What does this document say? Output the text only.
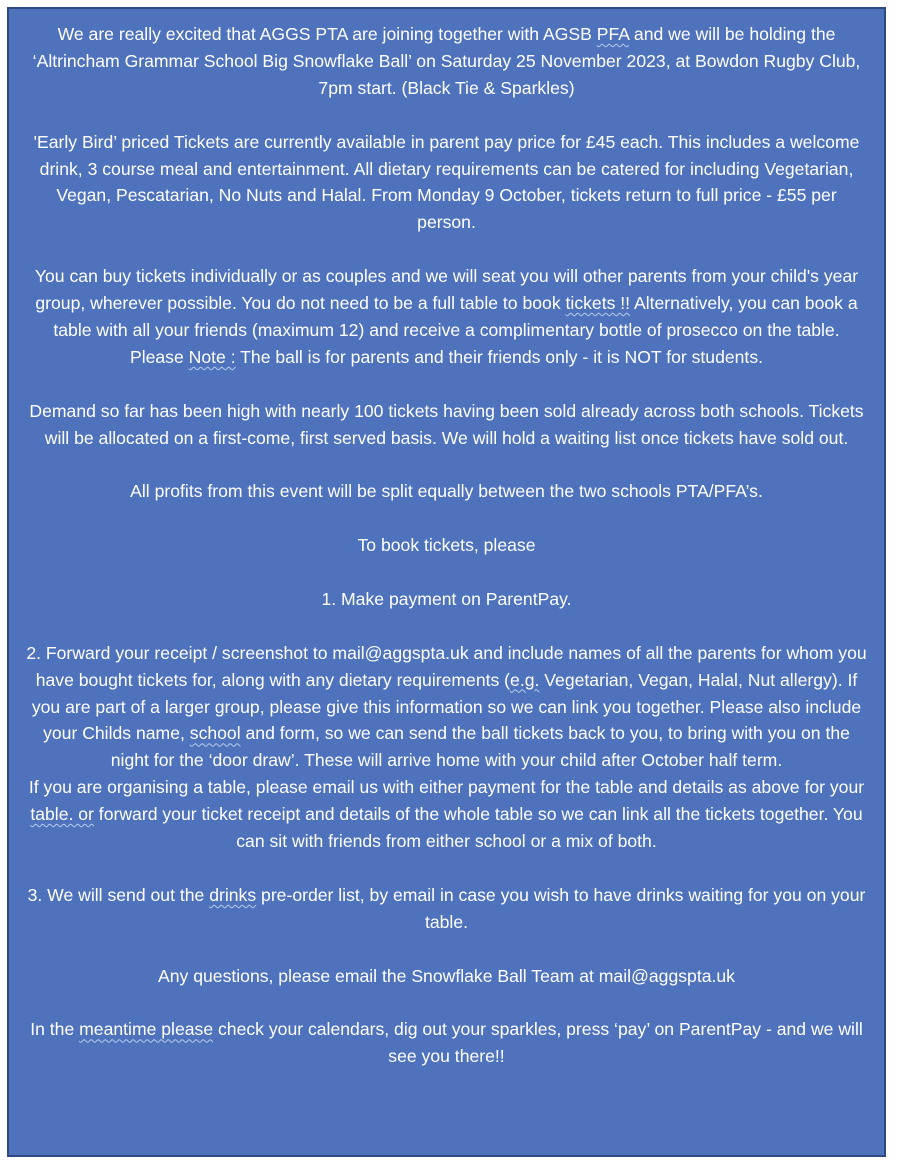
We are really excited that AGGS PTA are joining together with AGSB PFA and we will be holding the ‘Altrincham Grammar School Big Snowflake Ball’ on Saturday 25 November 2023, at Bowdon Rugby Club, 7pm start. (Black Tie & Sparkles)

'Early Bird’ priced Tickets are currently available in parent pay price for £45 each. This includes a welcome drink, 3 course meal and entertainment. All dietary requirements can be catered for including Vegetarian, Vegan, Pescatarian, No Nuts and Halal. From Monday 9 October, tickets return to full price - £55 per person.

You can buy tickets individually or as couples and we will seat you will other parents from your child's year group, wherever possible. You do not need to be a full table to book tickets !! Alternatively, you can book a table with all your friends (maximum 12) and receive a complimentary bottle of prosecco on the table.
Please Note : The ball is for parents and their friends only - it is NOT for students.

Demand so far has been high with nearly 100 tickets having been sold already across both schools. Tickets will be allocated on a first-come, first served basis. We will hold a waiting list once tickets have sold out.

All profits from this event will be split equally between the two schools PTA/PFA’s.

To book tickets, please

1. Make payment on ParentPay.

2. Forward your receipt / screenshot to mail@aggspta.uk and include names of all the parents for whom you have bought tickets for, along with any dietary requirements (e.g. Vegetarian, Vegan, Halal, Nut allergy). If you are part of a larger group, please give this information so we can link you together. Please also include your Childs name, school and form, so we can send the ball tickets back to you, to bring with you on the night for the ‘door draw’. These will arrive home with your child after October half term.
If you are organising a table, please email us with either payment for the table and details as above for your table. or forward your ticket receipt and details of the whole table so we can link all the tickets together. You can sit with friends from either school or a mix of both.

3. We will send out the drinks pre-order list, by email in case you wish to have drinks waiting for you on your table.

Any questions, please email the Snowflake Ball Team at mail@aggspta.uk

In the meantime please check your calendars, dig out your sparkles, press ‘pay’ on ParentPay - and we will see you there!!
